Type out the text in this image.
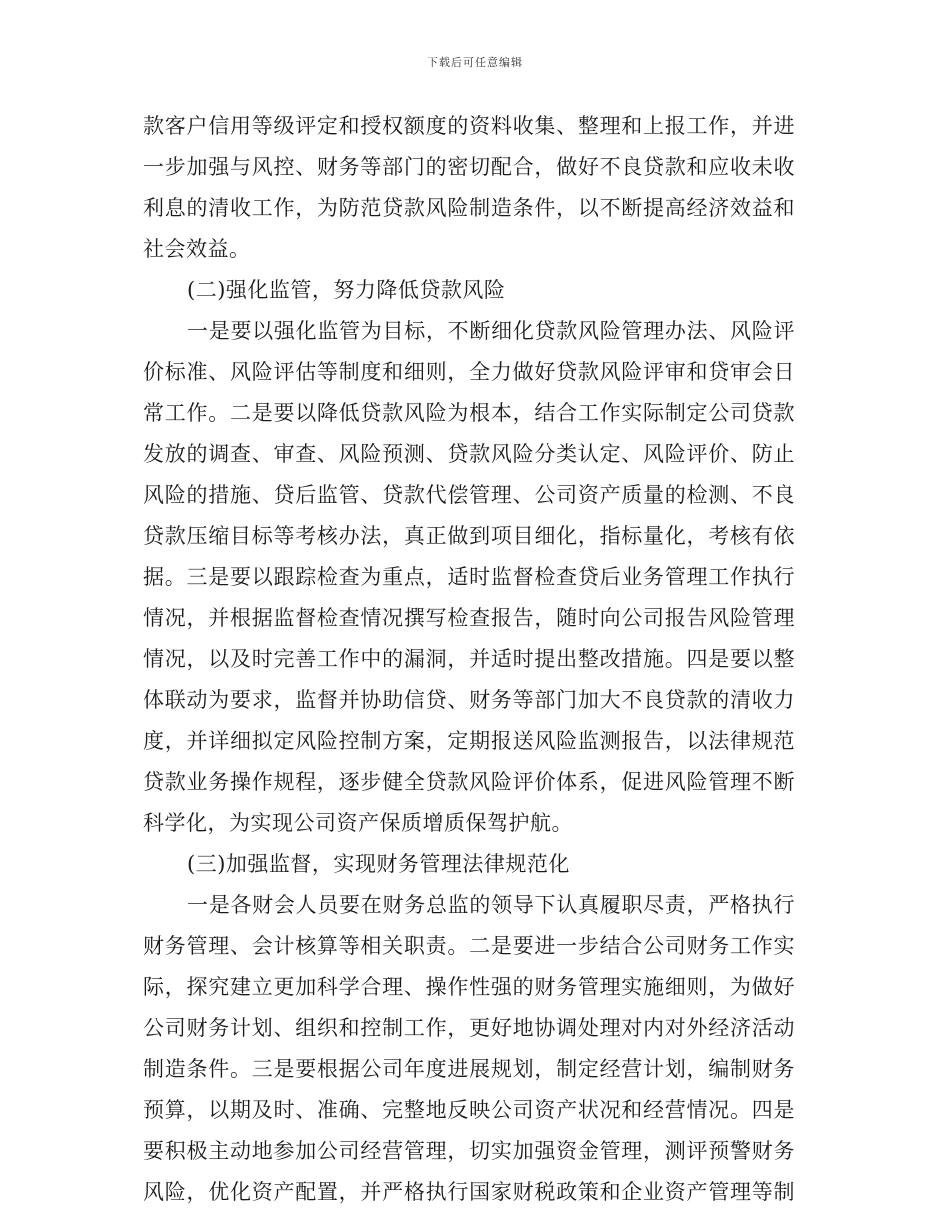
下载后可任意编辑
款客户信用等级评定和授权额度的资料收集、整理和上报工作，并进
一步加强与风控、财务等部门的密切配合，做好不良贷款和应收未收
利息的清收工作，为防范贷款风险制造条件，以不断提高经济效益和
社会效益。
(二)强化监管，努力降低贷款风险
一是要以强化监管为目标，不断细化贷款风险管理办法、风险评
价标准、风险评估等制度和细则，全力做好贷款风险评审和贷审会日
常工作。二是要以降低贷款风险为根本，结合工作实际制定公司贷款
发放的调查、审查、风险预测、贷款风险分类认定、风险评价、防止
风险的措施、贷后监管、贷款代偿管理、公司资产质量的检测、不良
贷款压缩目标等考核办法，真正做到项目细化，指标量化，考核有依
据。三是要以跟踪检查为重点，适时监督检查贷后业务管理工作执行
情况，并根据监督检查情况撰写检查报告，随时向公司报告风险管理
情况，以及时完善工作中的漏洞，并适时提出整改措施。四是要以整
体联动为要求，监督并协助信贷、财务等部门加大不良贷款的清收力
度，并详细拟定风险控制方案，定期报送风险监测报告，以法律规范
贷款业务操作规程，逐步健全贷款风险评价体系，促进风险管理不断
科学化，为实现公司资产保质增质保驾护航。
(三)加强监督，实现财务管理法律规范化
一是各财会人员要在财务总监的领导下认真履职尽责，严格执行
财务管理、会计核算等相关职责。二是要进一步结合公司财务工作实
际，探究建立更加科学合理、操作性强的财务管理实施细则，为做好
公司财务计划、组织和控制工作，更好地协调处理对内对外经济活动
制造条件。三是要根据公司年度进展规划，制定经营计划，编制财务
预算，以期及时、准确、完整地反映公司资产状况和经营情况。四是
要积极主动地参加公司经营管理，切实加强资金管理，测评预警财务
风险，优化资产配置，并严格执行国家财税政策和企业资产管理等制
